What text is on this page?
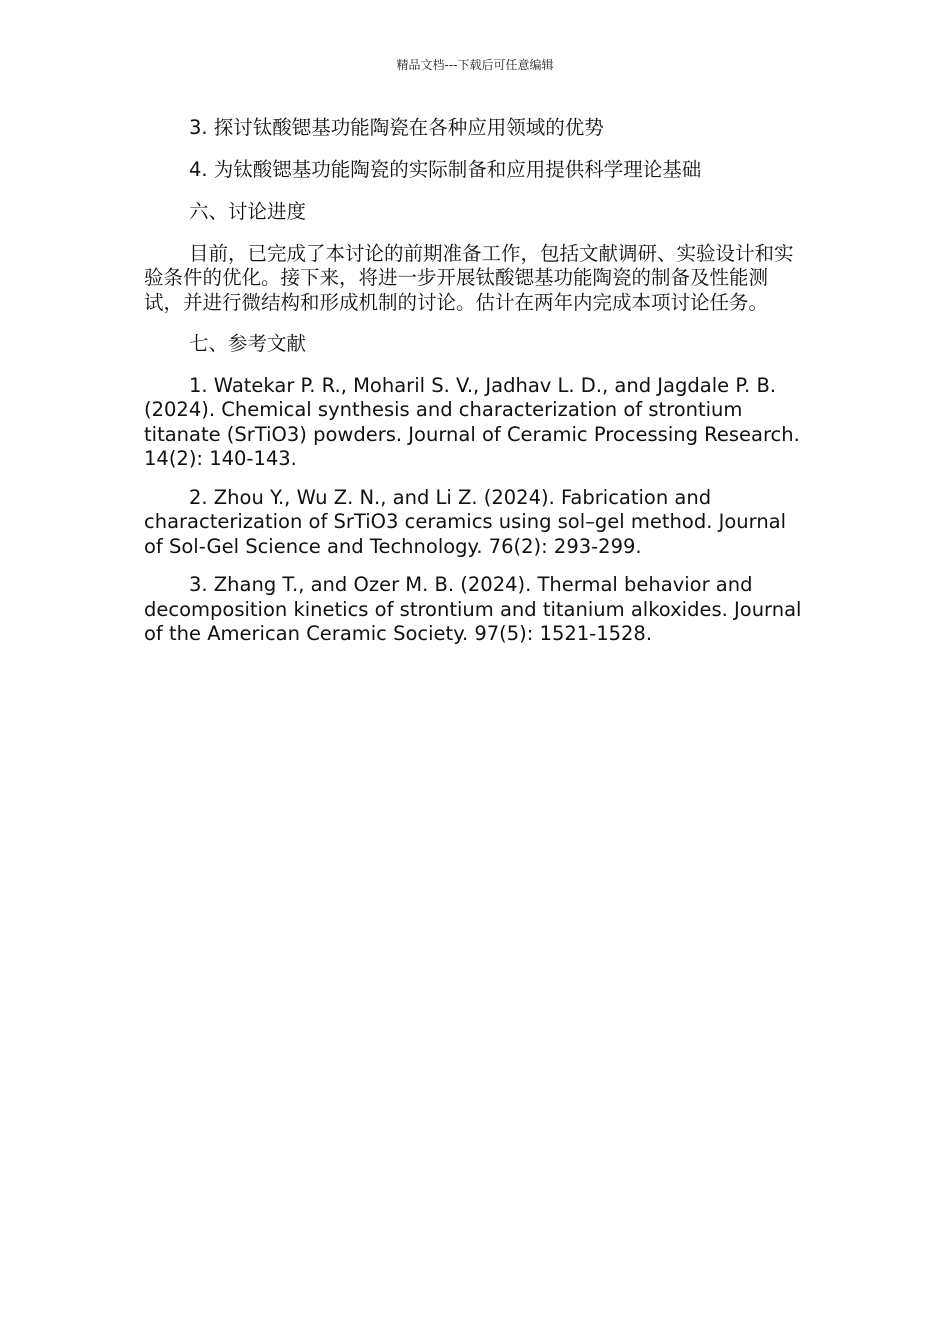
精品文档---下载后可任意编辑

3. 探讨钛酸锶基功能陶瓷在各种应用领域的优势

4. 为钛酸锶基功能陶瓷的实际制备和应用提供科学理论基础

六、讨论进度

目前，已完成了本讨论的前期准备工作，包括文献调研、实验设计和实验条件的优化。接下来，将进一步开展钛酸锶基功能陶瓷的制备及性能测试，并进行微结构和形成机制的讨论。估计在两年内完成本项讨论任务。

七、参考文献

1. Watekar P. R., Moharil S. V., Jadhav L. D., and Jagdale P. B. (2024). Chemical synthesis and characterization of strontium titanate (SrTiO3) powders. Journal of Ceramic Processing Research. 14(2): 140-143.

2. Zhou Y., Wu Z. N., and Li Z. (2024). Fabrication and characterization of SrTiO3 ceramics using sol–gel method. Journal of Sol-Gel Science and Technology. 76(2): 293-299.

3. Zhang T., and Ozer M. B. (2024). Thermal behavior and decomposition kinetics of strontium and titanium alkoxides. Journal of the American Ceramic Society. 97(5): 1521-1528.
